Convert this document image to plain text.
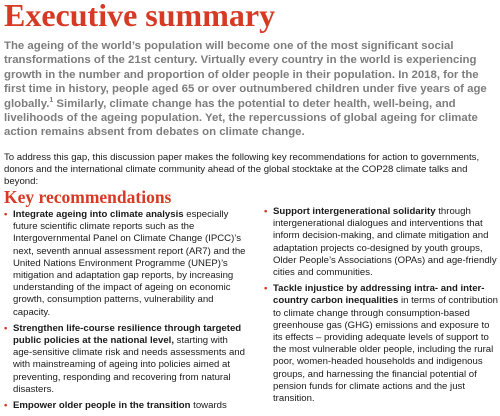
Executive summary

The ageing of the world’s population will become one of the most significant social transformations of the 21st century. Virtually every country in the world is experiencing growth in the number and proportion of older people in their population. In 2018, for the first time in history, people aged 65 or over outnumbered children under five years of age globally.$^1$ Similarly, climate change has the potential to deter health, well-being, and livelihoods of the ageing population. Yet, the repercussions of global ageing for climate action remains absent from debates on climate change.

To address this gap, this discussion paper makes the following key recommendations for action to governments, donors and the international climate community ahead of the global stocktake at the COP28 climate talks and beyond:

Key recommendations
• Integrate ageing into climate analysis especially future scientific climate reports such as the Intergovernmental Panel on Climate Change (IPCC)’s next, seventh annual assessment report (AR7) and the United Nations Environment Programme (UNEP)’s mitigation and adaptation gap reports, by increasing understanding of the impact of ageing on economic growth, consumption patterns, vulnerability and capacity.
• Strengthen life-course resilience through targeted public policies at the national level, starting with age-sensitive climate risk and needs assessments and with mainstreaming of ageing into policies aimed at preventing, responding and recovering from natural disasters.
• Empower older people in the transition towards
• Support intergenerational solidarity through intergenerational dialogues and interventions that inform decision-making, and climate mitigation and adaptation projects co-designed by youth groups, Older People’s Associations (OPAs) and age-friendly cities and communities.
• Tackle injustice by addressing intra- and inter-country carbon inequalities in terms of contribution to climate change through consumption-based greenhouse gas (GHG) emissions and exposure to its effects – providing adequate levels of support to the most vulnerable older people, including the rural poor, women-headed households and indigenous groups, and harnessing the financial potential of pension funds for climate actions and the just transition.
